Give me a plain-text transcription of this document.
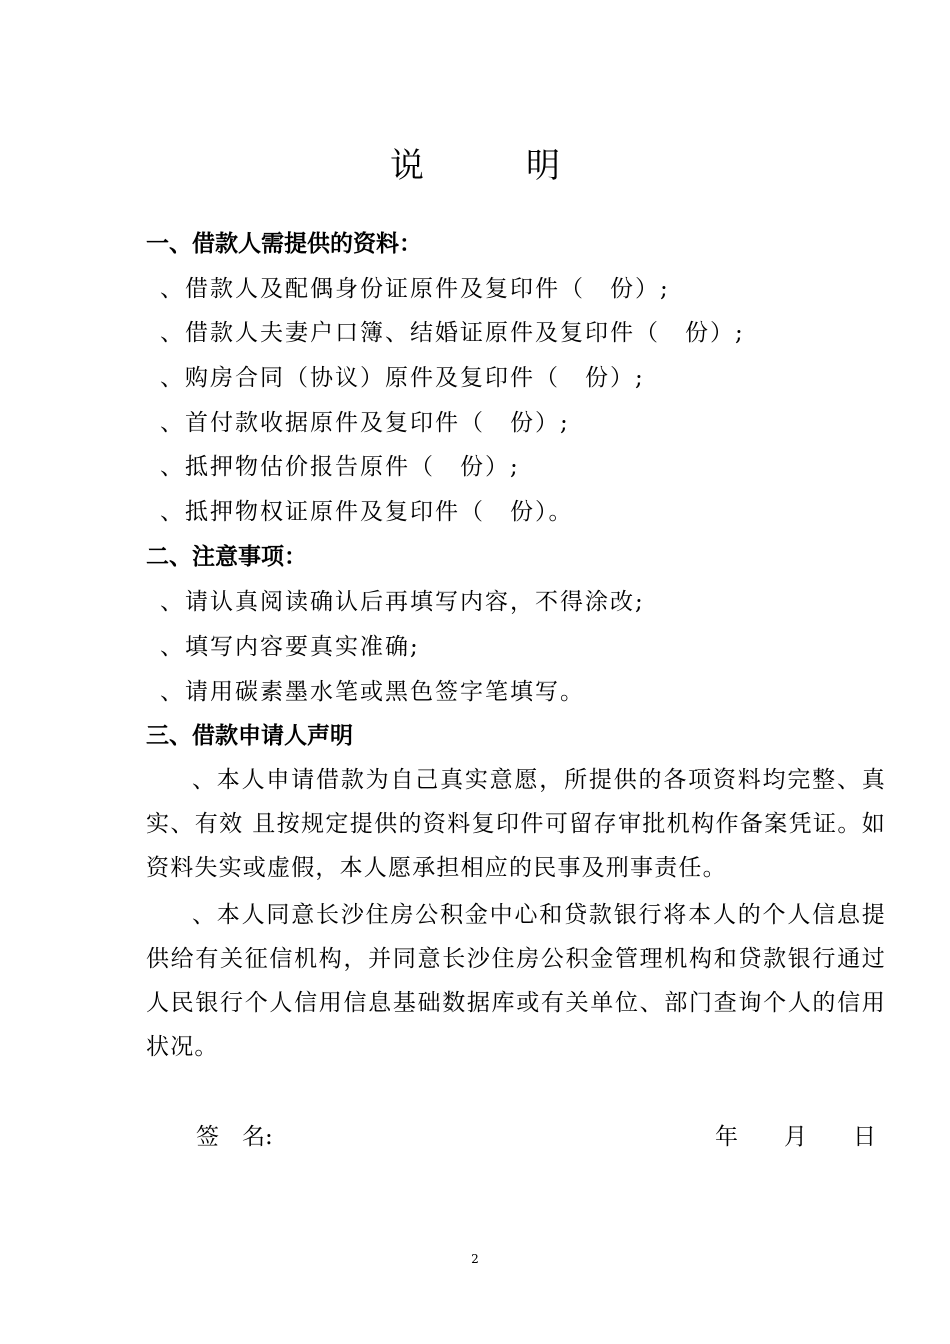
说　　　明
一、借款人需提供的资料：
、借款人及配偶身份证原件及复印件（　份）;
、借款人夫妻户口簿、结婚证原件及复印件（　份）;
、购房合同（协议）原件及复印件（　份）;
、首付款收据原件及复印件（　份）;
、抵押物估价报告原件（　份）;
、抵押物权证原件及复印件（　份）。
二、注意事项：
、请认真阅读确认后再填写内容，不得涂改;
、填写内容要真实准确;
、请用碳素墨水笔或黑色签字笔填写。
三、借款申请人声明
、本人申请借款为自己真实意愿，所提供的各项资料均完整、真实、有效 且按规定提供的资料复印件可留存审批机构作备案凭证。如资料失实或虚假，本人愿承担相应的民事及刑事责任。
、本人同意长沙住房公积金中心和贷款银行将本人的个人信息提供给有关征信机构，并同意长沙住房公积金管理机构和贷款银行通过人民银行个人信用信息基础数据库或有关单位、部门查询个人的信用状况。
签　名:	年　　月　　日
2
